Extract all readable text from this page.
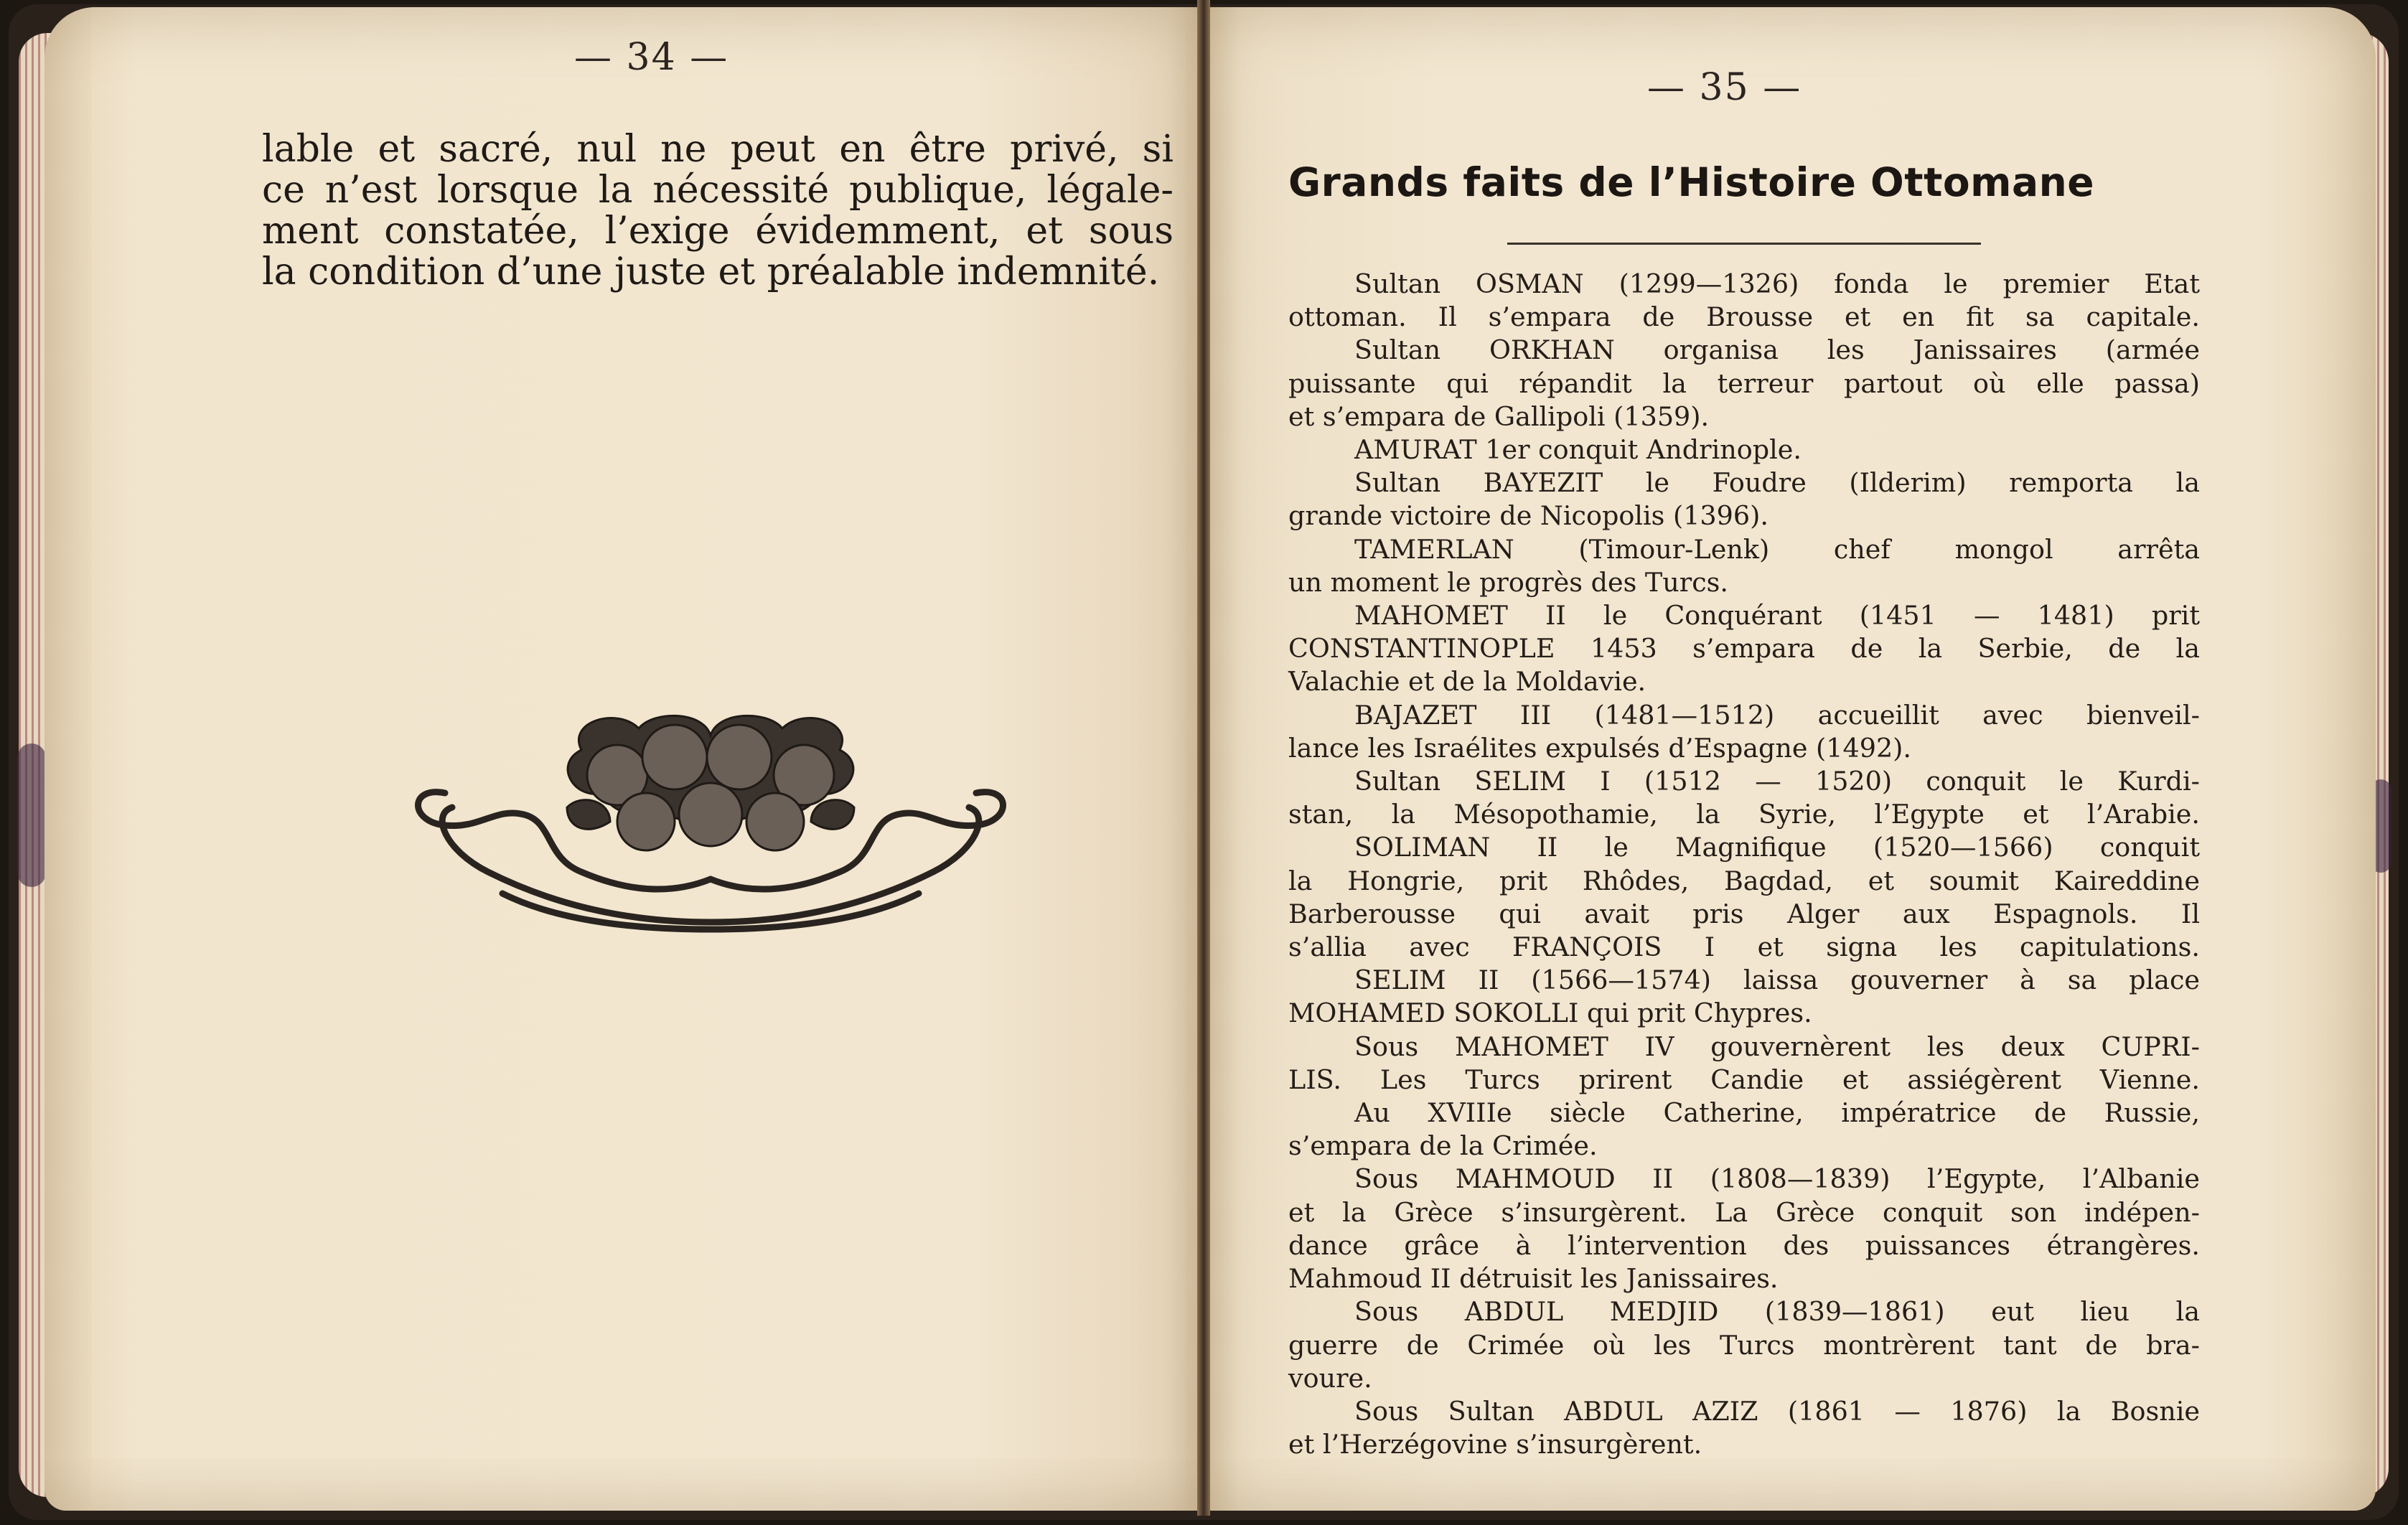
— 34 —
lable et sacré, nul ne peut en être privé, si
ce n’est lorsque la nécessité publique, légale-
ment constatée, l’exige évidemment, et sous
la condition d’une juste et préalable indemnité.
— 35 —
Grands faits de l’Histoire Ottomane
Sultan OSMAN (1299—1326) fonda le premier Etat
ottoman. Il s’empara de Brousse et en fit sa capitale.
Sultan ORKHAN organisa les Janissaires (armée
puissante qui répandit la terreur partout où elle passa)
et s’empara de Gallipoli (1359).
AMURAT 1er conquit Andrinople.
Sultan BAYEZIT le Foudre (Ilderim) remporta la
grande victoire de Nicopolis (1396).
TAMERLAN (Timour-Lenk) chef mongol arrêta
un moment le progrès des Turcs.
MAHOMET II le Conquérant (1451 — 1481) prit
CONSTANTINOPLE 1453 s’empara de la Serbie, de la
Valachie et de la Moldavie.
BAJAZET III (1481—1512) accueillit avec bienveil-
lance les Israélites expulsés d’Espagne (1492).
Sultan SELIM I (1512 — 1520) conquit le Kurdi-
stan, la Mésopothamie, la Syrie, l’Egypte et l’Arabie.
SOLIMAN II le Magnifique (1520—1566) conquit
la Hongrie, prit Rhôdes, Bagdad, et soumit Kaireddine
Barberousse qui avait pris Alger aux Espagnols. Il
s’allia avec FRANÇOIS I et signa les capitulations.
SELIM II (1566—1574) laissa gouverner à sa place
MOHAMED SOKOLLI qui prit Chypres.
Sous MAHOMET IV gouvernèrent les deux CUPRI-
LIS. Les Turcs prirent Candie et assiégèrent Vienne.
Au XVIIIe siècle Catherine, impératrice de Russie,
s’empara de la Crimée.
Sous MAHMOUD II (1808—1839) l’Egypte, l’Albanie
et la Grèce s’insurgèrent. La Grèce conquit son indépen-
dance grâce à l’intervention des puissances étrangères.
Mahmoud II détruisit les Janissaires.
Sous ABDUL MEDJID (1839—1861) eut lieu la
guerre de Crimée où les Turcs montrèrent tant de bra-
voure.
Sous Sultan ABDUL AZIZ (1861 — 1876) la Bosnie
et l’Herzégovine s’insurgèrent.
